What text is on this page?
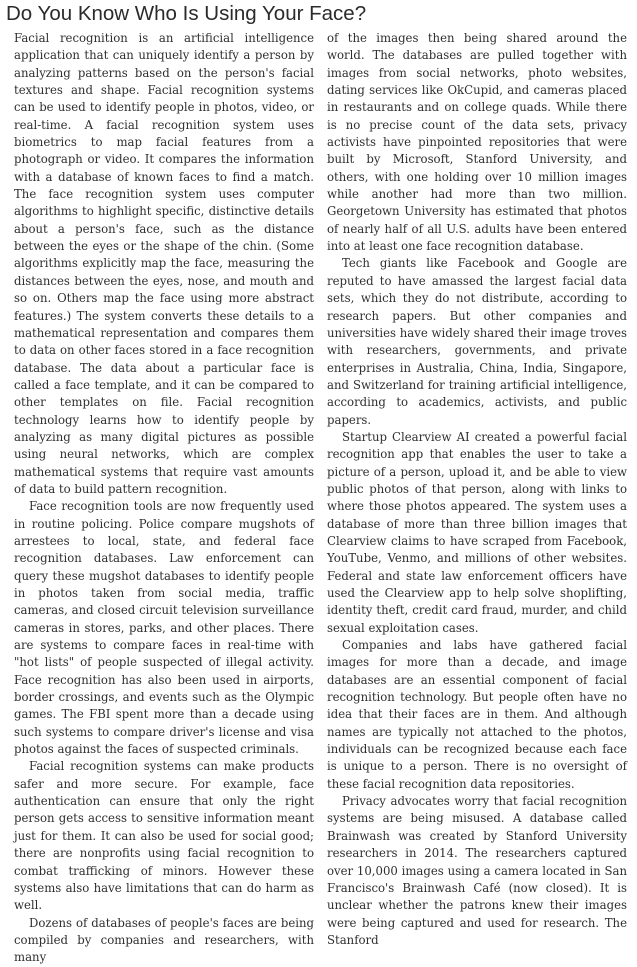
Do You Know Who Is Using Your Face?

Facial recognition is an artificial intelligence application that can uniquely identify a person by analyzing patterns based on the person's facial textures and shape. Facial recognition systems can be used to identify people in photos, video, or real-time. A facial recognition system uses biometrics to map facial features from a photograph or video. It compares the information with a database of known faces to find a match. The face recognition system uses computer algorithms to highlight specific, distinctive details about a person's face, such as the distance between the eyes or the shape of the chin. (Some algorithms explicitly map the face, measuring the distances between the eyes, nose, and mouth and so on. Others map the face using more abstract features.) The system converts these details to a mathematical representation and compares them to data on other faces stored in a face recognition database. The data about a particular face is called a face template, and it can be compared to other templates on file. Facial recognition technology learns how to identify people by analyzing as many digital pictures as possible using neural networks, which are complex mathematical systems that require vast amounts of data to build pattern recognition.

Face recognition tools are now frequently used in routine policing. Police compare mugshots of arrestees to local, state, and federal face recognition databases. Law enforcement can query these mugshot databases to identify people in photos taken from social media, traffic cameras, and closed circuit television surveillance cameras in stores, parks, and other places. There are systems to compare faces in real-time with "hot lists" of people suspected of illegal activity. Face recognition has also been used in airports, border crossings, and events such as the Olympic games. The FBI spent more than a decade using such systems to compare driver's license and visa photos against the faces of suspected criminals.

Facial recognition systems can make products safer and more secure. For example, face authentication can ensure that only the right person gets access to sensitive information meant just for them. It can also be used for social good; there are nonprofits using facial recognition to combat trafficking of minors. However these systems also have limitations that can do harm as well.

Dozens of databases of people's faces are being compiled by companies and researchers, with many

of the images then being shared around the world. The databases are pulled together with images from social networks, photo websites, dating services like OkCupid, and cameras placed in restaurants and on college quads. While there is no precise count of the data sets, privacy activists have pinpointed repositories that were built by Microsoft, Stanford University, and others, with one holding over 10 million images while another had more than two million. Georgetown University has estimated that photos of nearly half of all U.S. adults have been entered into at least one face recognition database.

Tech giants like Facebook and Google are reputed to have amassed the largest facial data sets, which they do not distribute, according to research papers. But other companies and universities have widely shared their image troves with researchers, governments, and private enterprises in Australia, China, India, Singapore, and Switzerland for training artificial intelligence, according to academics, activists, and public papers.

Startup Clearview AI created a powerful facial recognition app that enables the user to take a picture of a person, upload it, and be able to view public photos of that person, along with links to where those photos appeared. The system uses a database of more than three billion images that Clearview claims to have scraped from Facebook, YouTube, Venmo, and millions of other websites. Federal and state law enforcement officers have used the Clearview app to help solve shoplifting, identity theft, credit card fraud, murder, and child sexual exploitation cases.

Companies and labs have gathered facial images for more than a decade, and image databases are an essential component of facial recognition technology. But people often have no idea that their faces are in them. And although names are typically not attached to the photos, individuals can be recognized because each face is unique to a person. There is no oversight of these facial recognition data repositories.

Privacy advocates worry that facial recognition systems are being misused. A database called Brainwash was created by Stanford University researchers in 2014. The researchers captured over 10,000 images using a camera located in San Francisco's Brainwash Café (now closed). It is unclear whether the patrons knew their images were being captured and used for research. The Stanford
